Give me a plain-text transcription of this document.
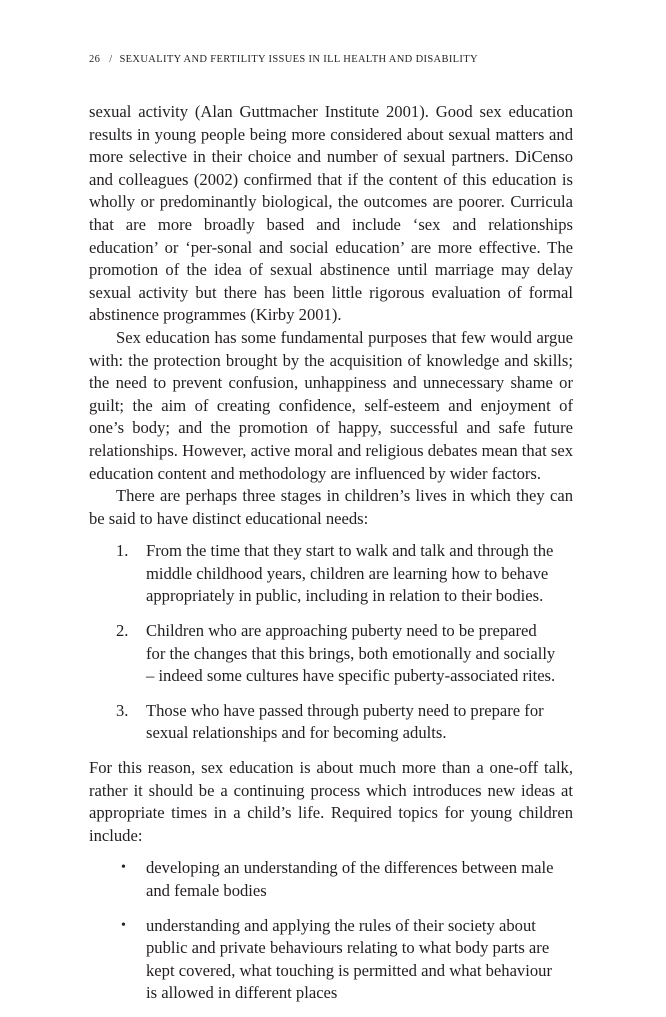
26 / SEXUALITY AND FERTILITY ISSUES IN ILL HEALTH AND DISABILITY

sexual activity (Alan Guttmacher Institute 2001). Good sex education results in young people being more considered about sexual matters and more selective in their choice and number of sexual partners. DiCenso and colleagues (2002) confirmed that if the content of this education is wholly or predominantly biological, the outcomes are poorer. Curricula that are more broadly based and include ‘sex and relationships education’ or ‘per-sonal and social education’ are more effective. The promotion of the idea of sexual abstinence until marriage may delay sexual activity but there has been little rigorous evaluation of formal abstinence programmes (Kirby 2001).

Sex education has some fundamental purposes that few would argue with: the protection brought by the acquisition of knowledge and skills; the need to prevent confusion, unhappiness and unnecessary shame or guilt; the aim of creating confidence, self-esteem and enjoyment of one’s body; and the promotion of happy, successful and safe future relationships. However, active moral and religious debates mean that sex education content and methodology are influenced by wider factors.

There are perhaps three stages in children’s lives in which they can be said to have distinct educational needs:

1. From the time that they start to walk and talk and through the middle childhood years, children are learning how to behave appropriately in public, including in relation to their bodies.
2. Children who are approaching puberty need to be prepared for the changes that this brings, both emotionally and socially – indeed some cultures have specific puberty-associated rites.
3. Those who have passed through puberty need to prepare for sexual relationships and for becoming adults.

For this reason, sex education is about much more than a one-off talk, rather it should be a continuing process which introduces new ideas at appropriate times in a child’s life. Required topics for young children include:

• developing an understanding of the differences between male and female bodies
• understanding and applying the rules of their society about public and private behaviours relating to what body parts are kept covered, what touching is permitted and what behaviour is allowed in different places
